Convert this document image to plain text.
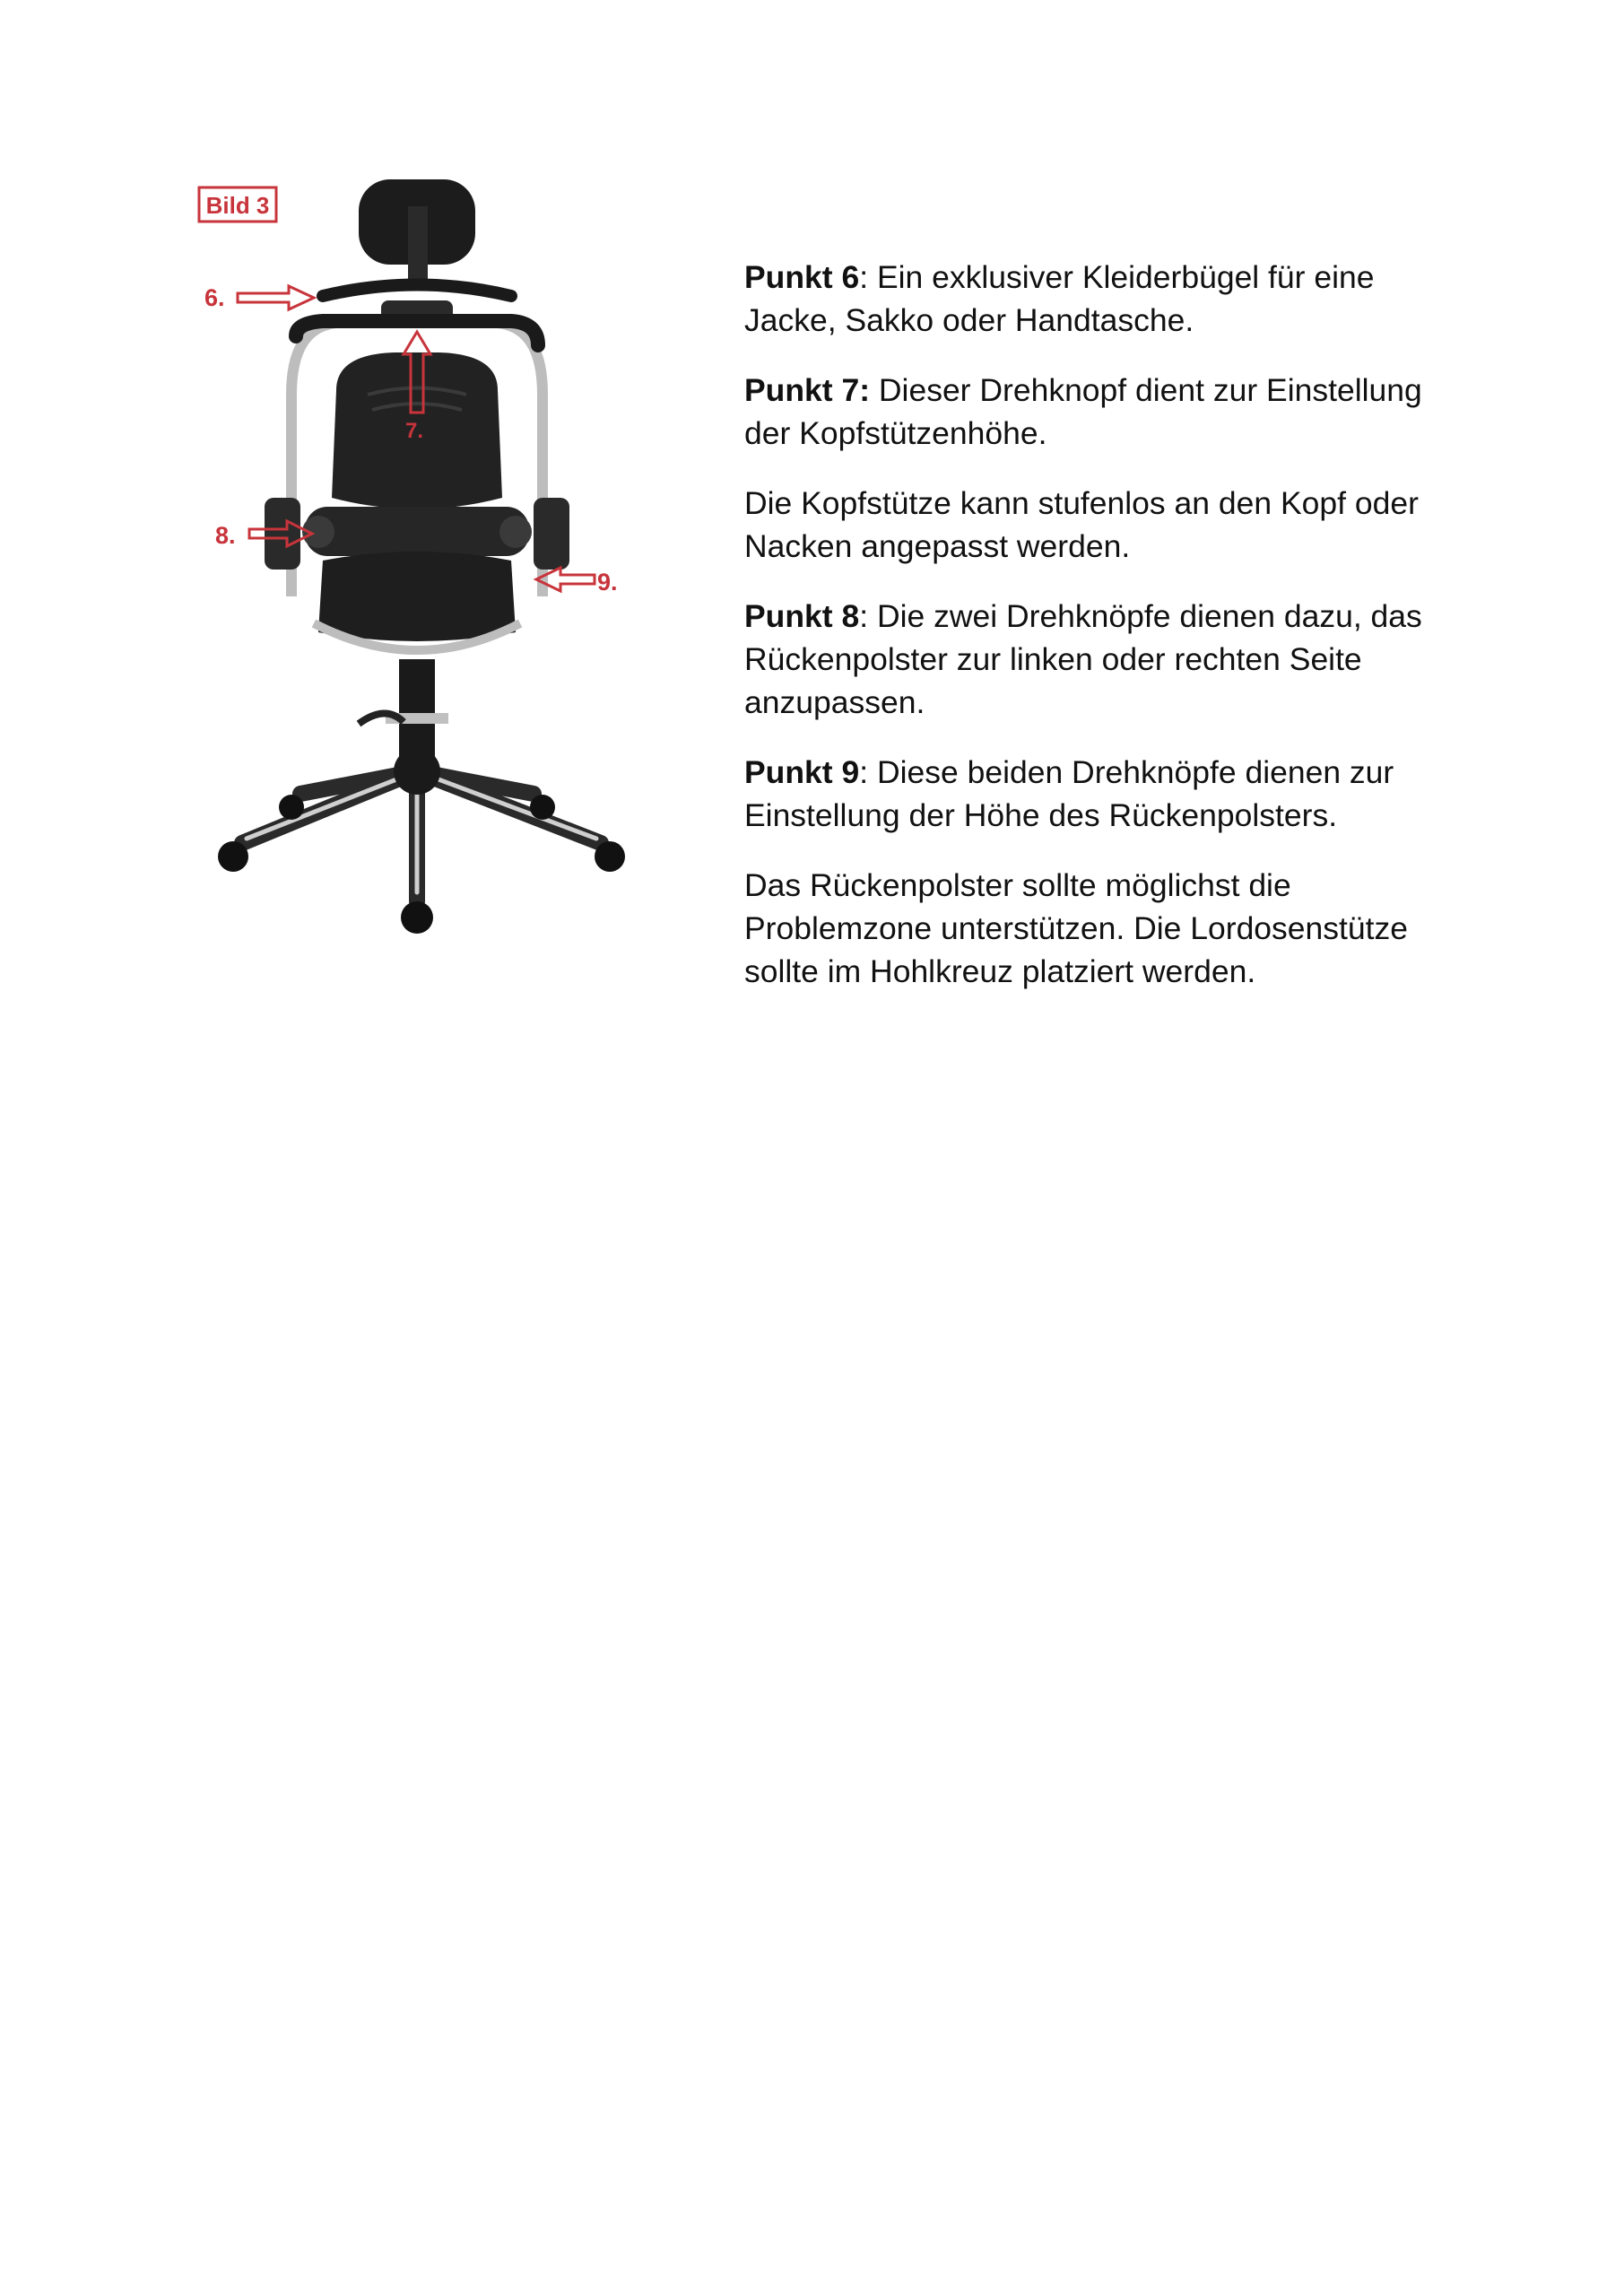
Bild 3
6.
7.
8.
9.

Punkt 6: Ein exklusiver Kleiderbügel für eine Jacke, Sakko oder Handtasche.

Punkt 7: Dieser Drehknopf dient zur Einstellung der Kopfstützenhöhe.

Die Kopfstütze kann stufenlos an den Kopf oder Nacken angepasst werden.

Punkt 8: Die zwei Drehknöpfe dienen dazu, das Rückenpolster zur linken oder rechten Seite anzupassen.

Punkt 9: Diese beiden Drehknöpfe dienen zur Einstellung der Höhe des Rückenpolsters.

Das Rückenpolster sollte möglichst die Problemzone unterstützen. Die Lordosenstütze sollte im Hohlkreuz platziert werden.
